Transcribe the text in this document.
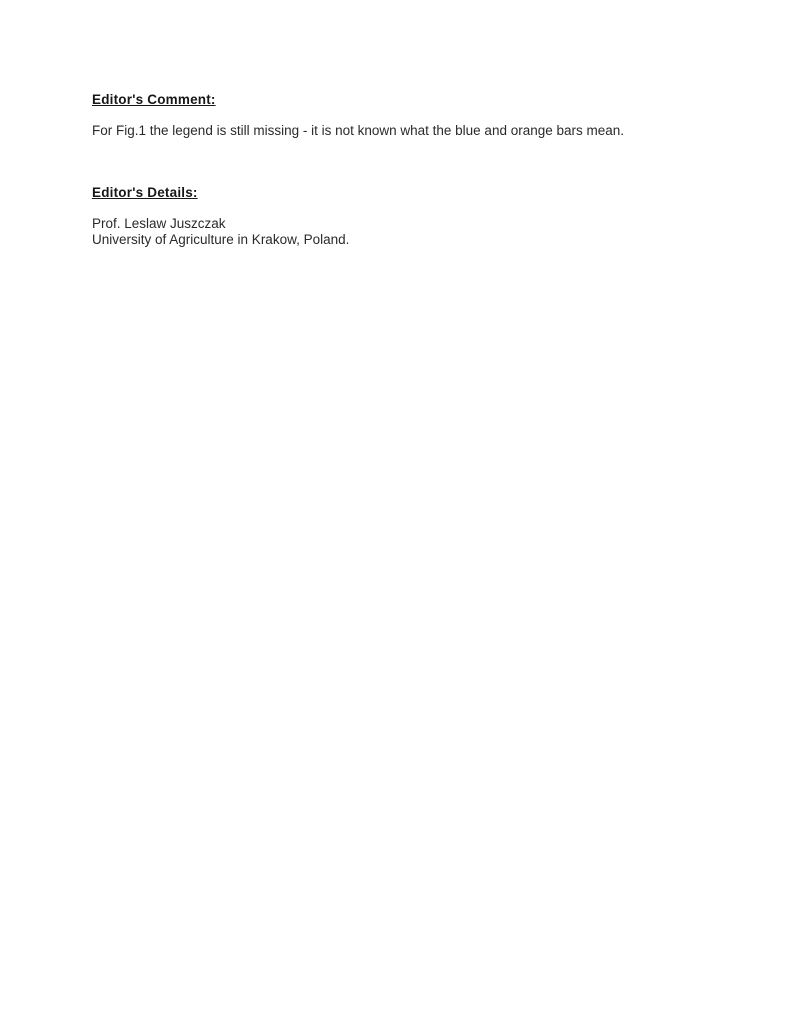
Editor's Comment:
For Fig.1 the legend is still missing - it is not known what the blue and orange bars mean.
Editor's Details:
Prof. Leslaw Juszczak
University of Agriculture in Krakow, Poland.
